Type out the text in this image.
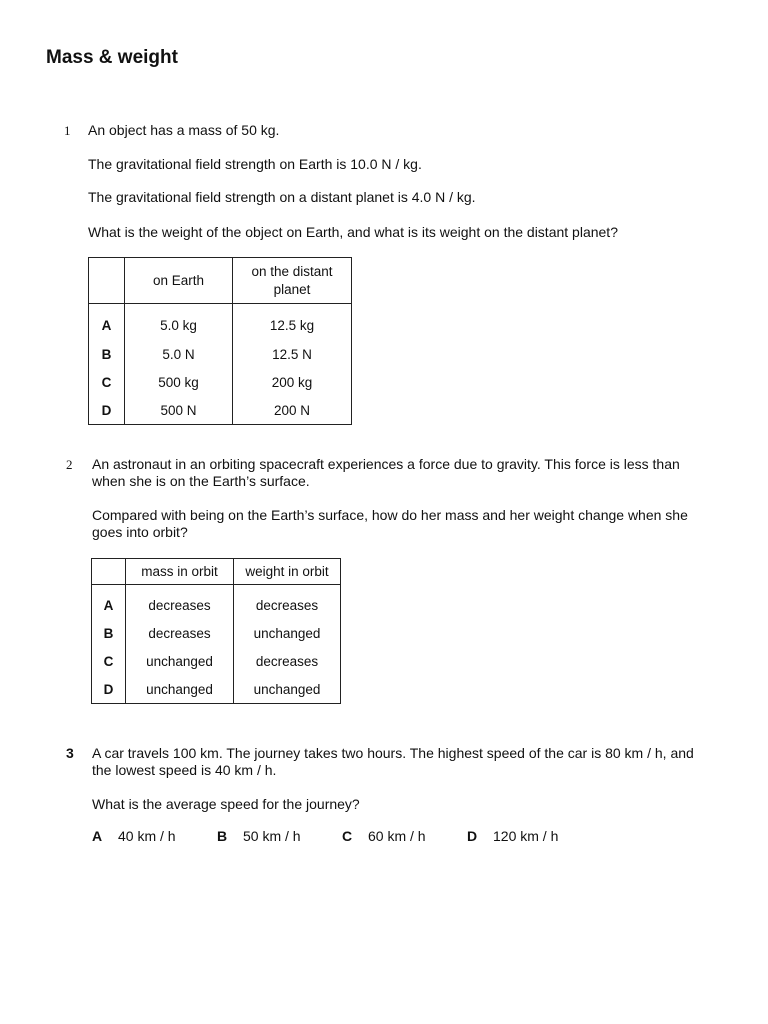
Mass & weight
1 An object has a mass of 50 kg.

The gravitational field strength on Earth is 10.0 N / kg.

The gravitational field strength on a distant planet is 4.0 N / kg.

What is the weight of the object on Earth, and what is its weight on the distant planet?

	on Earth	on the distant planet
A	5.0 kg	12.5 kg
B	5.0 N	12.5 N
C	500 kg	200 kg
D	500 N	200 N
2 An astronaut in an orbiting spacecraft experiences a force due to gravity. This force is less than

when she is on the Earth’s surface.

Compared with being on the Earth’s surface, how do her mass and her weight change when she

goes into orbit?

	mass in orbit	weight in orbit
A	decreases	decreases
B	decreases	unchanged
C	unchanged	decreases
D	unchanged	unchanged
3 A car travels 100 km. The journey takes two hours. The highest speed of the car is 80 km / h, and

the lowest speed is 40 km / h.

What is the average speed for the journey?

A	40 km / h	B	50 km / h	C	60 km / h	D	120 km / h
